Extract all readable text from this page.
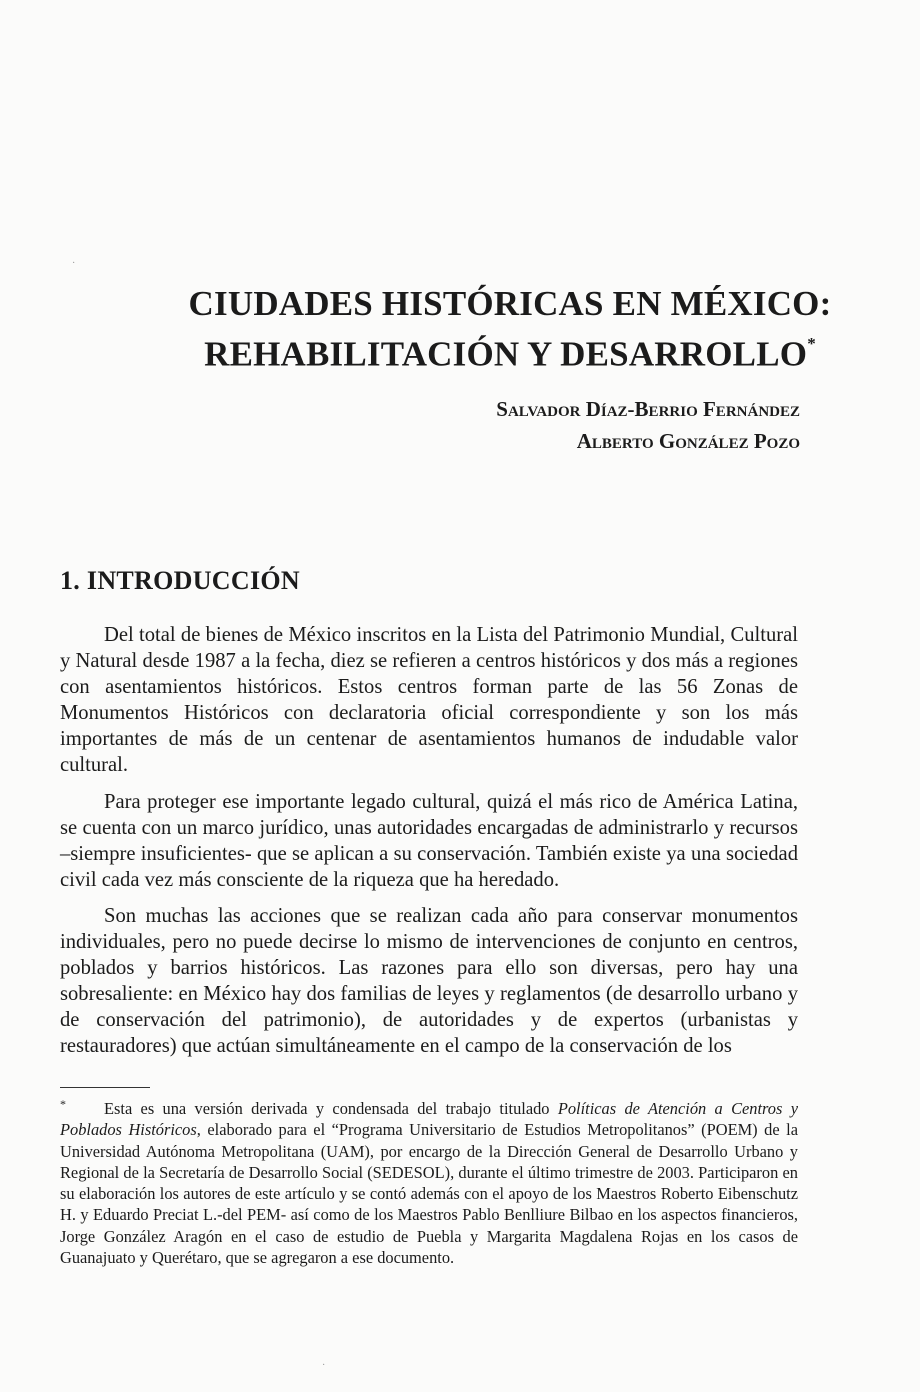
CIUDADES HISTÓRICAS EN MÉXICO:
REHABILITACIÓN Y DESARROLLO*
Salvador Díaz-Berrio Fernández
Alberto González Pozo
1. INTRODUCCIÓN

Del total de bienes de México inscritos en la Lista del Patrimonio Mundial, Cultural y Natural desde 1987 a la fecha, diez se refieren a centros históricos y dos más a regiones con asentamientos históricos. Estos centros forman parte de las 56 Zonas de Monumentos Históricos con declaratoria oficial correspondiente y son los más importantes de más de un centenar de asentamientos humanos de indudable valor cultural.

Para proteger ese importante legado cultural, quizá el más rico de América Latina, se cuenta con un marco jurídico, unas autoridades encargadas de administrarlo y recursos –siempre insuficientes- que se aplican a su conservación. También existe ya una sociedad civil cada vez más consciente de la riqueza que ha heredado.

Son muchas las acciones que se realizan cada año para conservar monumentos individuales, pero no puede decirse lo mismo de intervenciones de conjunto en centros, poblados y barrios históricos. Las razones para ello son diversas, pero hay una sobresaliente: en México hay dos familias de leyes y reglamentos (de desarrollo urbano y de conservación del patrimonio), de autoridades y de expertos (urbanistas y restauradores) que actúan simultáneamente en el campo de la conservación de los

*	Esta es una versión derivada y condensada del trabajo titulado Políticas de Atención a Centros y Poblados Históricos, elaborado para el “Programa Universitario de Estudios Metropolitanos” (POEM) de la Universidad Autónoma Metropolitana (UAM), por encargo de la Dirección General de Desarrollo Urbano y Regional de la Secretaría de Desarrollo Social (SEDESOL), durante el último trimestre de 2003. Participaron en su elaboración los autores de este artículo y se contó además con el apoyo de los Maestros Roberto Eibenschutz H. y Eduardo Preciat L.-del PEM- así como de los Maestros Pablo Benlliure Bilbao en los aspectos financieros, Jorge González Aragón en el caso de estudio de Puebla y Margarita Magdalena Rojas en los casos de Guanajuato y Querétaro, que se agregaron a ese documento.

·
·
